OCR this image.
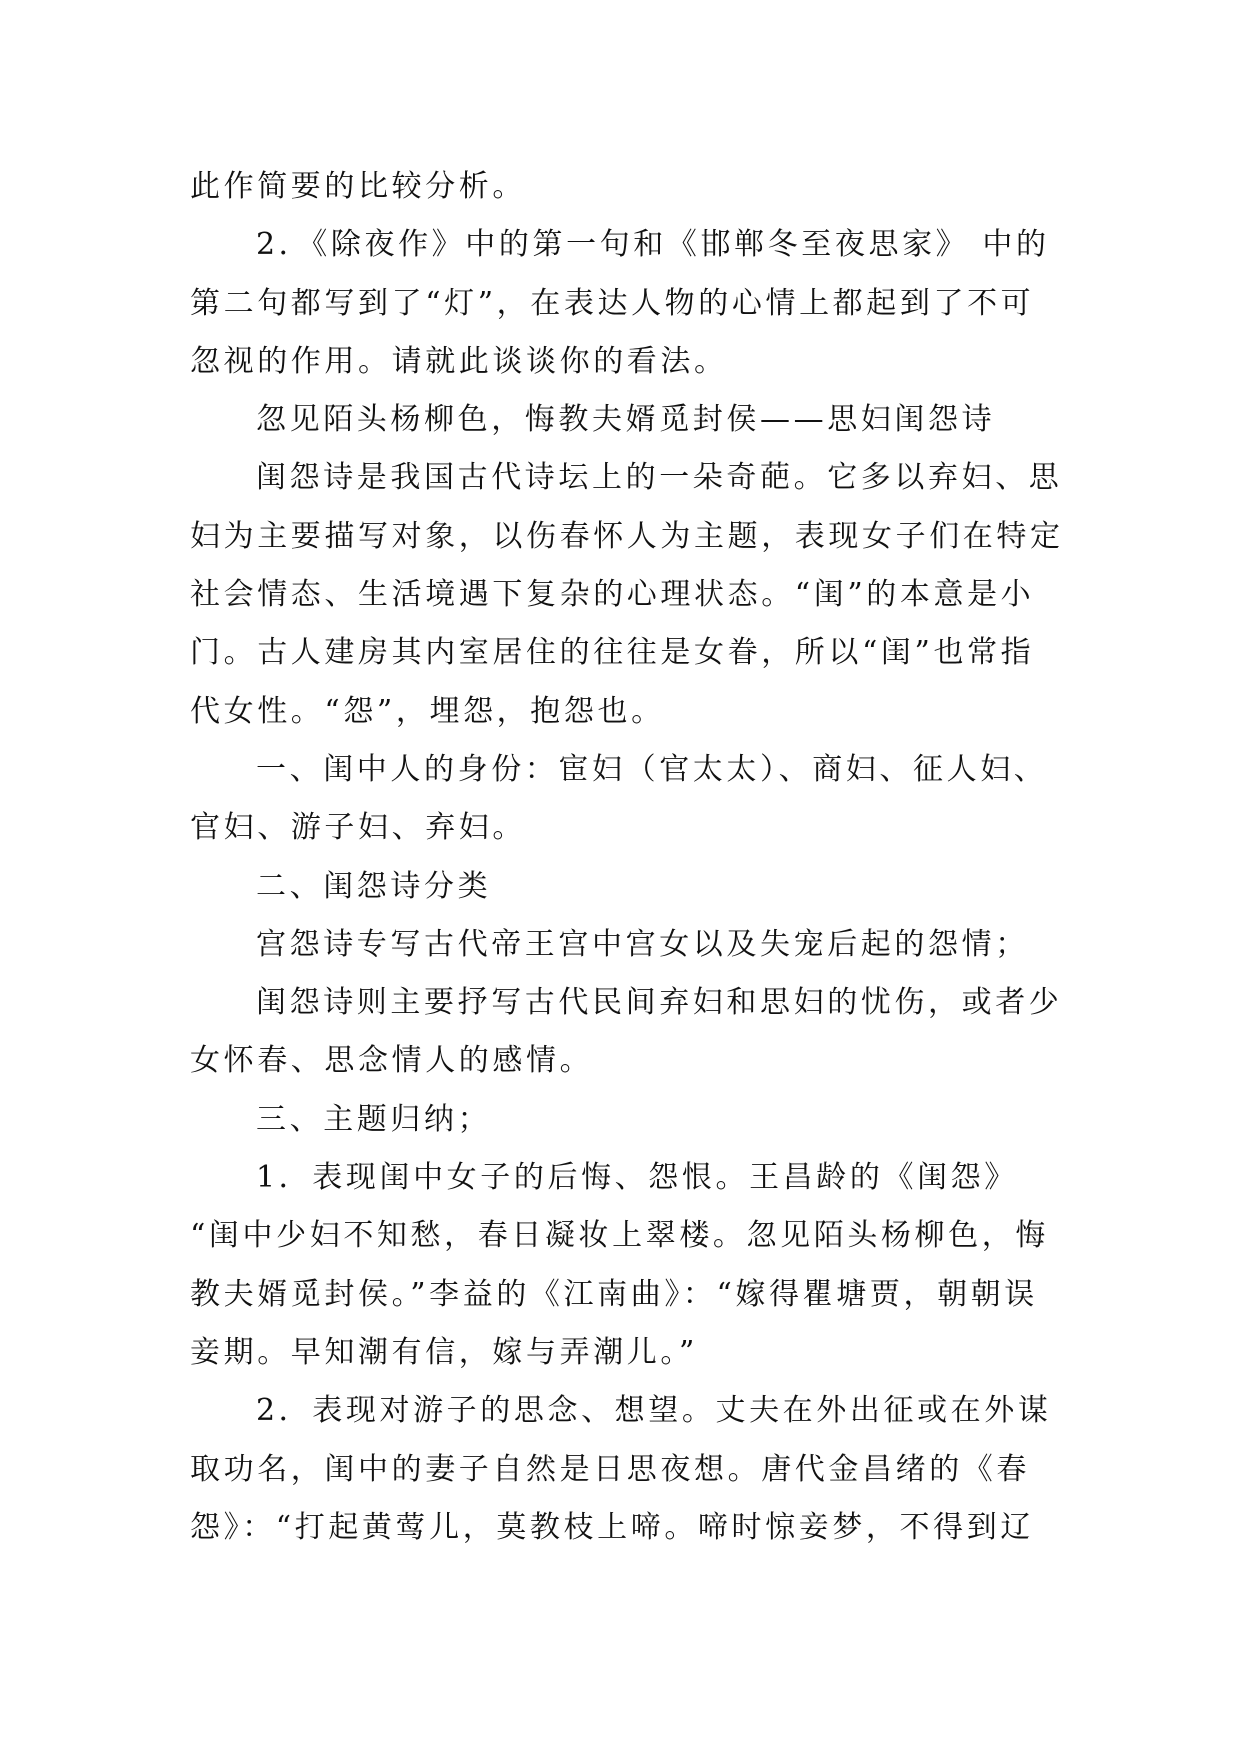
此作简要的比较分析。
2．《除夜作》中的第一句和《邯郸冬至夜思家》 中的
第二句都写到了“灯”，在表达人物的心情上都起到了不可
忽视的作用。请就此谈谈你的看法。
忽见陌头杨柳色，悔教夫婿觅封侯——思妇闺怨诗
闺怨诗是我国古代诗坛上的一朵奇葩。它多以弃妇、思
妇为主要描写对象，以伤春怀人为主题，表现女子们在特定
社会情态、生活境遇下复杂的心理状态。“闺”的本意是小
门。古人建房其内室居住的往往是女眷，所以“闺”也常指
代女性。“怨”，埋怨，抱怨也。
一、闺中人的身份：宦妇（官太太）、商妇、征人妇、
官妇、游子妇、弃妇。
二、闺怨诗分类
宫怨诗专写古代帝王宫中宫女以及失宠后起的怨情；
闺怨诗则主要抒写古代民间弃妇和思妇的忧伤，或者少
女怀春、思念情人的感情。
三、主题归纳；
1．表现闺中女子的后悔、怨恨。王昌龄的《闺怨》
“闺中少妇不知愁，春日凝妆上翠楼。忽见陌头杨柳色，悔
教夫婿觅封侯。”李益的《江南曲》：“嫁得瞿塘贾，朝朝误
妾期。早知潮有信，嫁与弄潮儿。”
2．表现对游子的思念、想望。丈夫在外出征或在外谋
取功名，闺中的妻子自然是日思夜想。唐代金昌绪的《春
怨》：“打起黄莺儿，莫教枝上啼。啼时惊妾梦，不得到辽
